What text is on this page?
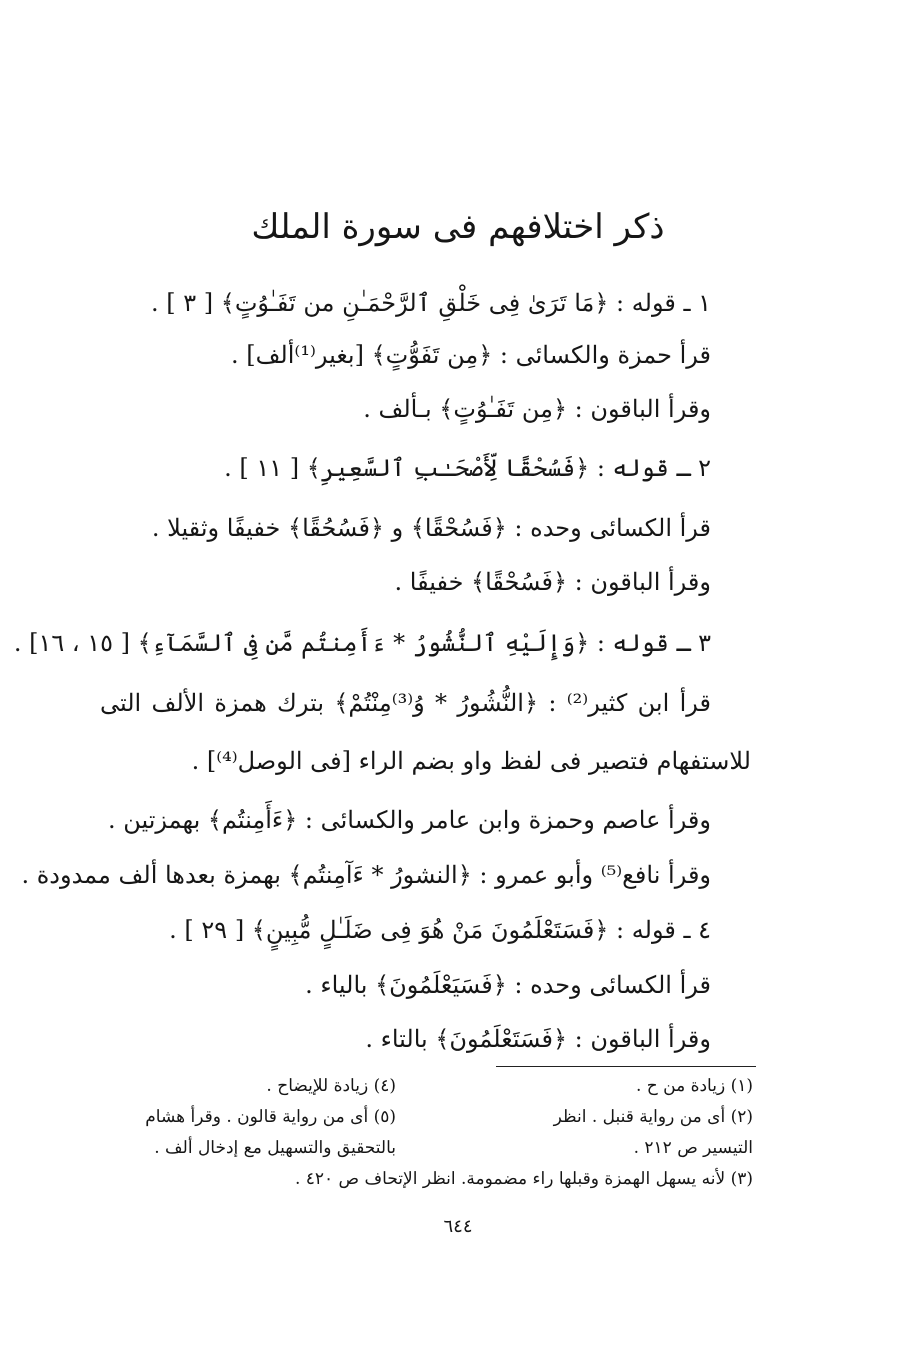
ذكر اختلافهم فى سورة الملك
١ ـ قوله : ﴿مَا تَرَىٰ فِى خَلْقِ ٱلرَّحْمَـٰنِ من تَفَـٰوُتٍ﴾ [ ٣ ] .
قرأ حمزة والكسائى : ﴿مِن تَفَوُّتٍ﴾ [بغير⁽¹⁾ألف] .
وقرأ الباقون : ﴿مِن تَفَـٰوُتٍ﴾ بـألف .
٢ ـ قوله : ﴿فَسُحْقًا لِّأَصْحَـٰبِ ٱلسَّعِيرِ﴾ [ ١١ ] .
قرأ الكسائى وحده : ﴿فَسُحْقًا﴾ و ﴿فَسُحُقًا﴾ خفيفًا وثقيلا .
وقرأ الباقون : ﴿فَسُحْقًا﴾ خفيفًا .
٣ ـ قوله : ﴿وَإِلَيْهِ ٱلنُّشُورُ * ءَأَمِنتُم مَّن فِى ٱلسَّمَآءِ﴾ [ ١٥ ، ١٦] .
قرأ ابن كثير⁽²⁾ : ﴿النُّشُورُ * وُ⁽³⁾مِنْتُمْ﴾ بترك همزة الألف التى
للاستفهام فتصير فى لفظ واو بضم الراء [فى الوصل⁽⁴⁾] .
وقرأ عاصم وحمزة وابن عامر والكسائى : ﴿ءَأَمِنتُم﴾ بهمزتين .
وقرأ نافع⁽⁵⁾ وأبو عمرو : ﴿النشورُ * ءَآمِنتُم﴾ بهمزة بعدها ألف ممدودة .
٤ ـ قوله : ﴿فَسَتَعْلَمُونَ مَنْ هُوَ فِى ضَلَـٰلٍ مُّبِينٍ﴾ [ ٢٩ ] .
قرأ الكسائى وحده : ﴿فَسَيَعْلَمُونَ﴾ بالياء .
وقرأ الباقون : ﴿فَسَتَعْلَمُونَ﴾ بالتاء .
(١) زيادة من ح .
(٢) أى من رواية قنبل . انظر
التيسير ص ٢١٢ .
(٣) لأنه يسهل الهمزة وقبلها راء مضمومة. انظر الإتحاف ص ٤٢٠ .
(٤) زيادة للإيضاح .
(٥) أى من رواية قالون . وقرأ هشام
بالتحقيق والتسهيل مع إدخال ألف .
٦٤٤
